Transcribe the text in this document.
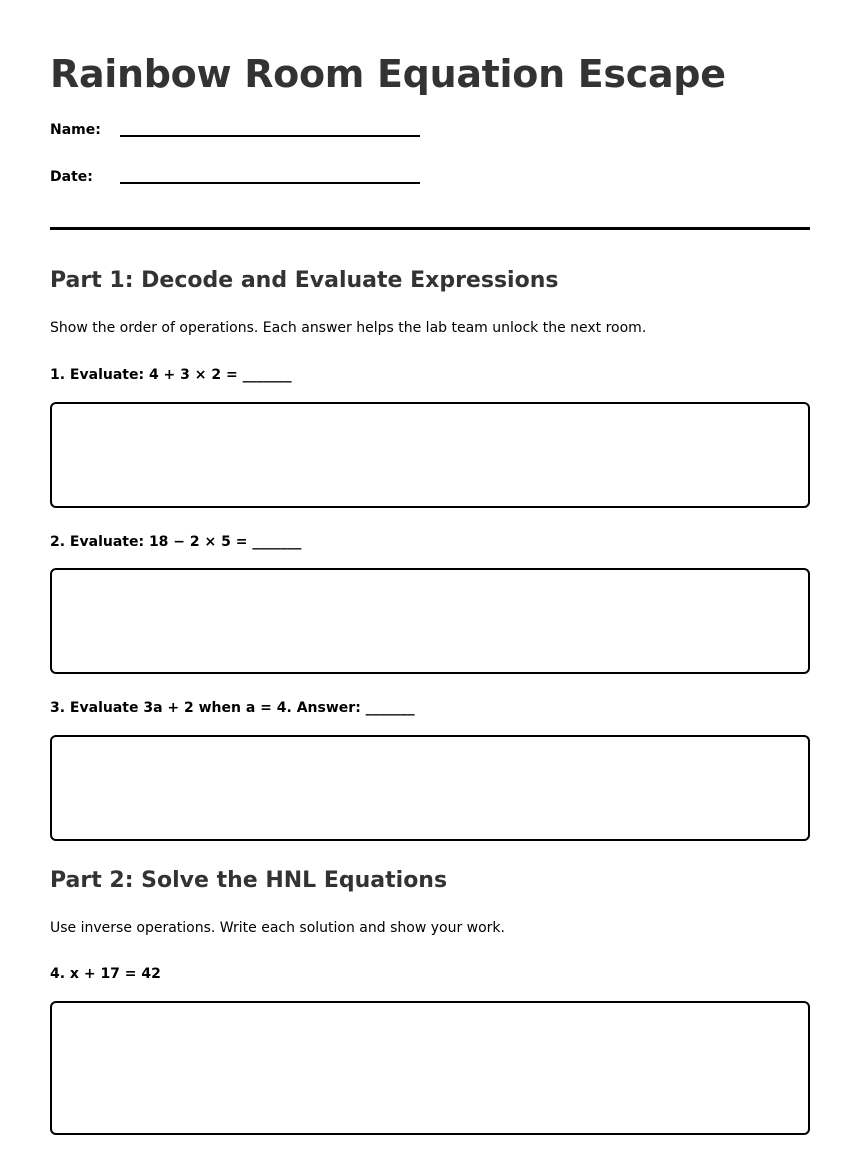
Rainbow Room Equation Escape
Name:
Date:
Part 1: Decode and Evaluate Expressions
Show the order of operations. Each answer helps the lab team unlock the next room.
1. Evaluate: 4 + 3 × 2 = _______
2. Evaluate: 18 − 2 × 5 = _______
3. Evaluate 3a + 2 when a = 4. Answer: _______
Part 2: Solve the HNL Equations
Use inverse operations. Write each solution and show your work.
4. x + 17 = 42
